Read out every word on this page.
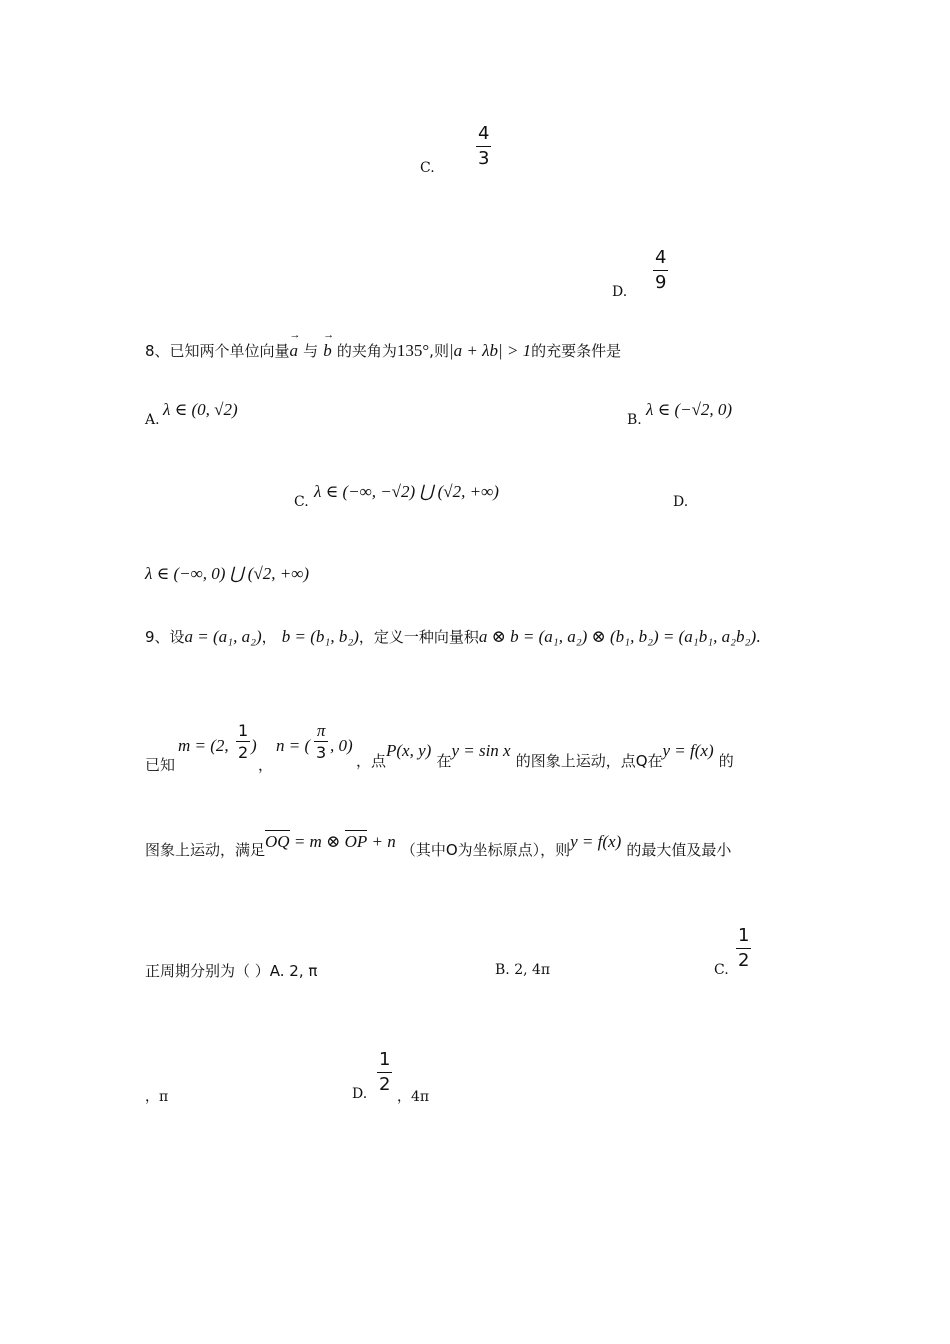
C.
4
3
D.
4
9
8、已知两个单位向量→ a 与 → b 的夹角为135°,则|a + λb| > 1的充要条件是
A.
λ ∈ (0, √2)
B.
λ ∈ (−√2, 0)
C.
λ ∈ (−∞, −√2) ⋃ (√2, +∞)
D.
λ ∈ (−∞, 0) ⋃ (√2, +∞)
9、设a = (a₁, a₂)， b = (b₁, b₂)，定义一种向量积a ⊗ b = (a₁, a₂) ⊗ (b₁, b₂) = (a₁b₁, a₂b₂).
已知
m = (2,
1
2 )
，
n = (
π
3 , 0)
，点P(x, y) 在y = sin x 的图象上运动，点Q在y = f(x) 的
图象上运动，满足OQ = m ⊗ OP + n （其中O为坐标原点），则y = f(x) 的最大值及最小
正周期分别为（ ）A. 2, π	B. 2, 4π	C.
1
2
，π	D.
1
2
，4π
